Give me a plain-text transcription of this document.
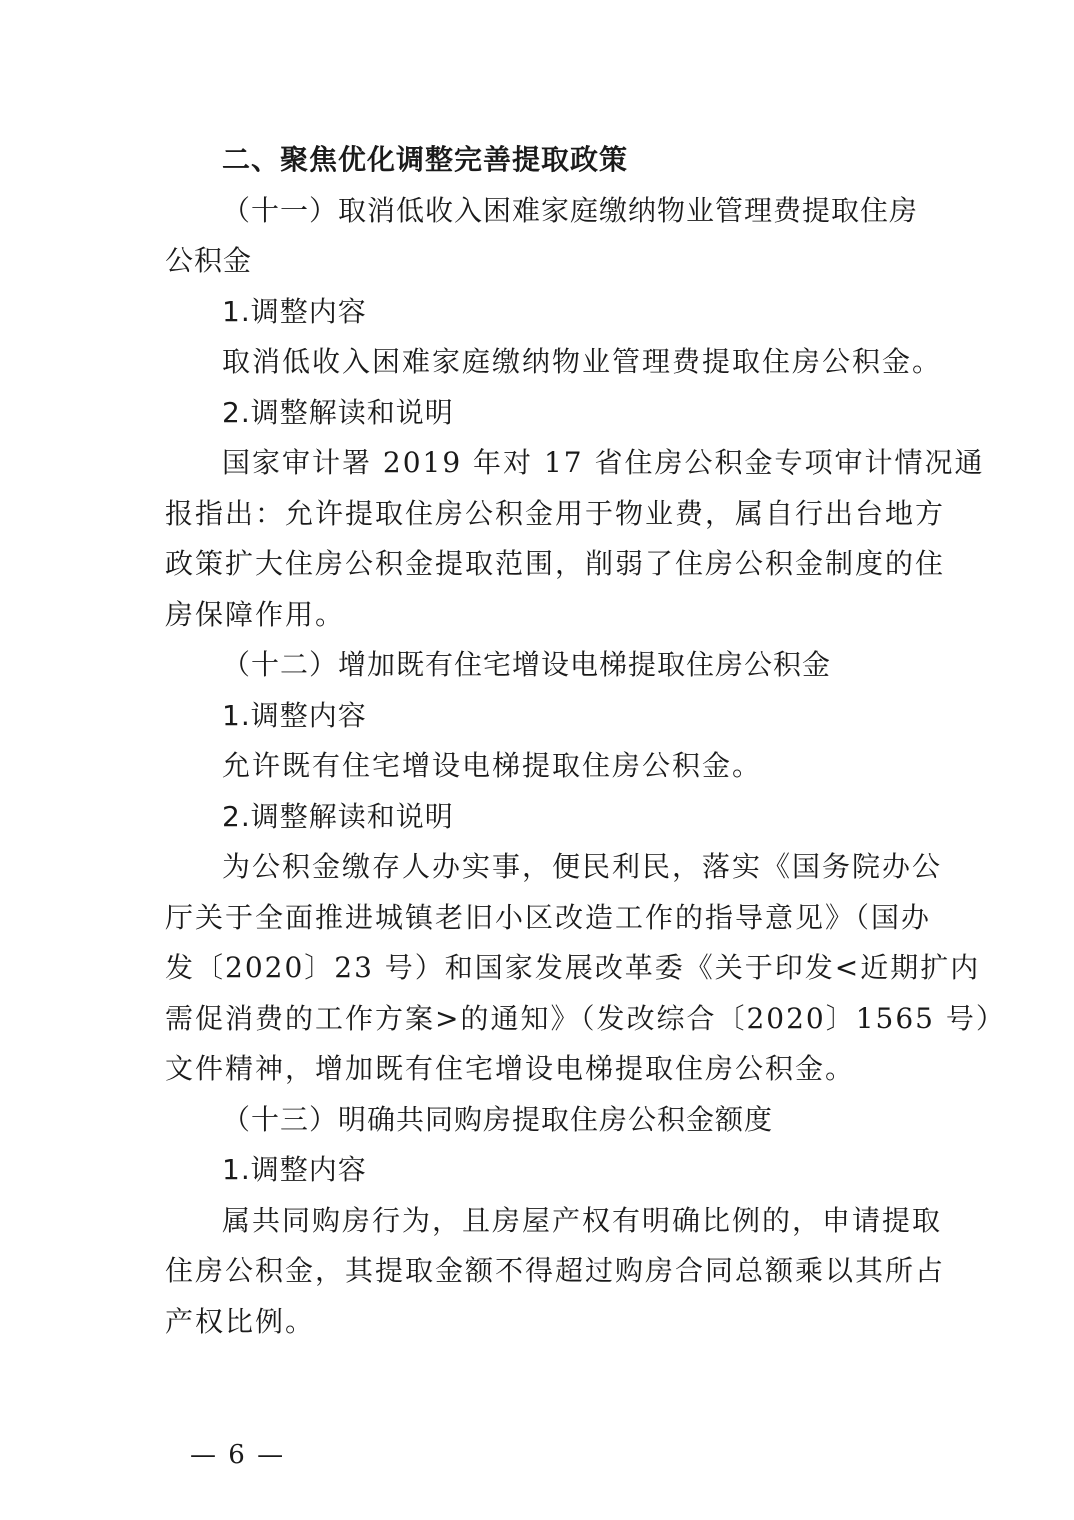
二、聚焦优化调整完善提取政策
（十一）取消低收入困难家庭缴纳物业管理费提取住房
公积金
1.调整内容
取消低收入困难家庭缴纳物业管理费提取住房公积金。
2.调整解读和说明
国家审计署 2019 年对 17 省住房公积金专项审计情况通
报指出：允许提取住房公积金用于物业费，属自行出台地方
政策扩大住房公积金提取范围，削弱了住房公积金制度的住
房保障作用。
（十二）增加既有住宅增设电梯提取住房公积金
1.调整内容
允许既有住宅增设电梯提取住房公积金。
2.调整解读和说明
为公积金缴存人办实事，便民利民，落实《国务院办公
厅关于全面推进城镇老旧小区改造工作的指导意见》（国办
发〔2020〕23 号）和国家发展改革委《关于印发<近期扩内
需促消费的工作方案>的通知》（发改综合〔2020〕1565 号）
文件精神，增加既有住宅增设电梯提取住房公积金。
（十三）明确共同购房提取住房公积金额度
1.调整内容
属共同购房行为，且房屋产权有明确比例的，申请提取
住房公积金，其提取金额不得超过购房合同总额乘以其所占
产权比例。
— 6 —
